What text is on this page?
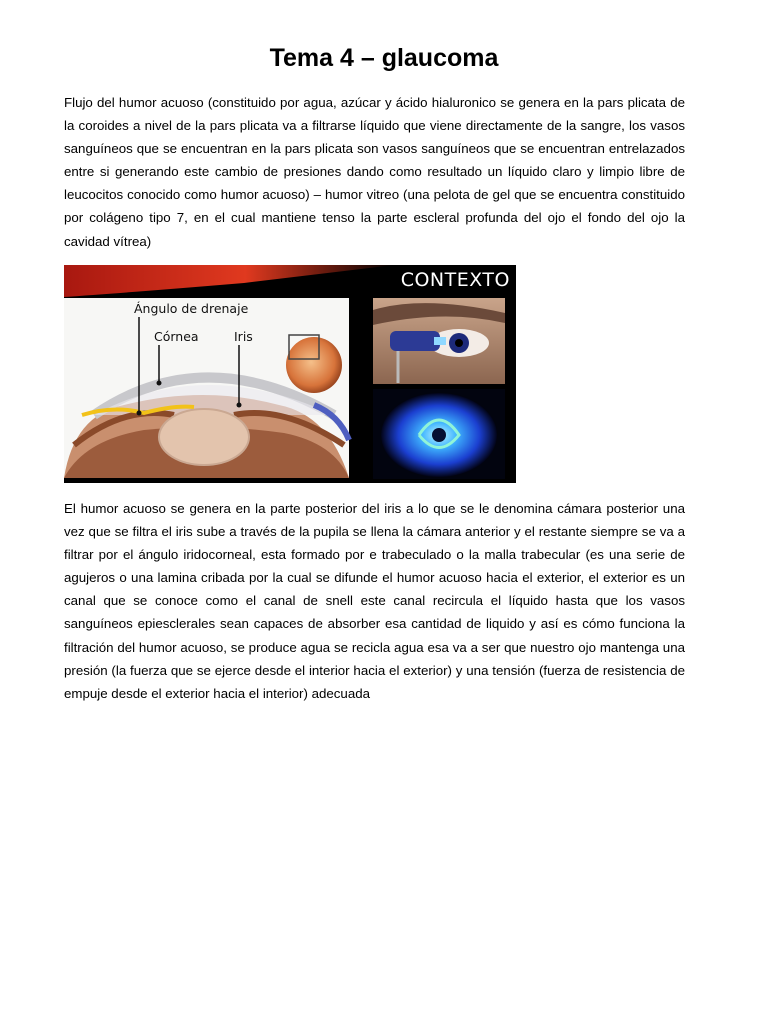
Tema 4 – glaucoma

Flujo del humor acuoso (constituido por agua, azúcar y ácido hialuronico se genera en la pars plicata de la coroides a nivel de la pars plicata va a filtrarse líquido que viene directamente de la sangre, los vasos sanguíneos que se encuentran en la pars plicata son vasos sanguíneos que se encuentran entrelazados entre si generando este cambio de presiones dando como resultado un líquido claro y limpio libre de leucocitos conocido como humor acuoso) – humor vitreo (una pelota de gel que se encuentra constituido por colágeno tipo 7, en el cual mantiene tenso la parte escleral profunda del ojo el fondo del ojo la cavidad vítrea)

CONTEXTO
Ángulo de drenaje
Córnea	Iris

El humor acuoso se genera en la parte posterior del iris a lo que se le denomina cámara posterior una vez que se filtra el iris sube a través de la pupila se llena la cámara anterior y el restante siempre se va a filtrar por el ángulo iridocorneal, esta formado por e trabeculado o la malla trabecular (es una serie de agujeros o una lamina cribada por la cual se difunde el humor acuoso hacia el exterior, el exterior es un canal que se conoce como el canal de snell este canal recircula el líquido hasta que los vasos sanguíneos epiesclerales sean capaces de absorber esa cantidad de liquido y así es cómo funciona la filtración del humor acuoso, se produce agua se recicla agua esa va a ser que nuestro ojo mantenga una presión (la fuerza que se ejerce desde el interior hacia el exterior) y una tensión (fuerza de resistencia de empuje desde el exterior hacia el interior) adecuada
